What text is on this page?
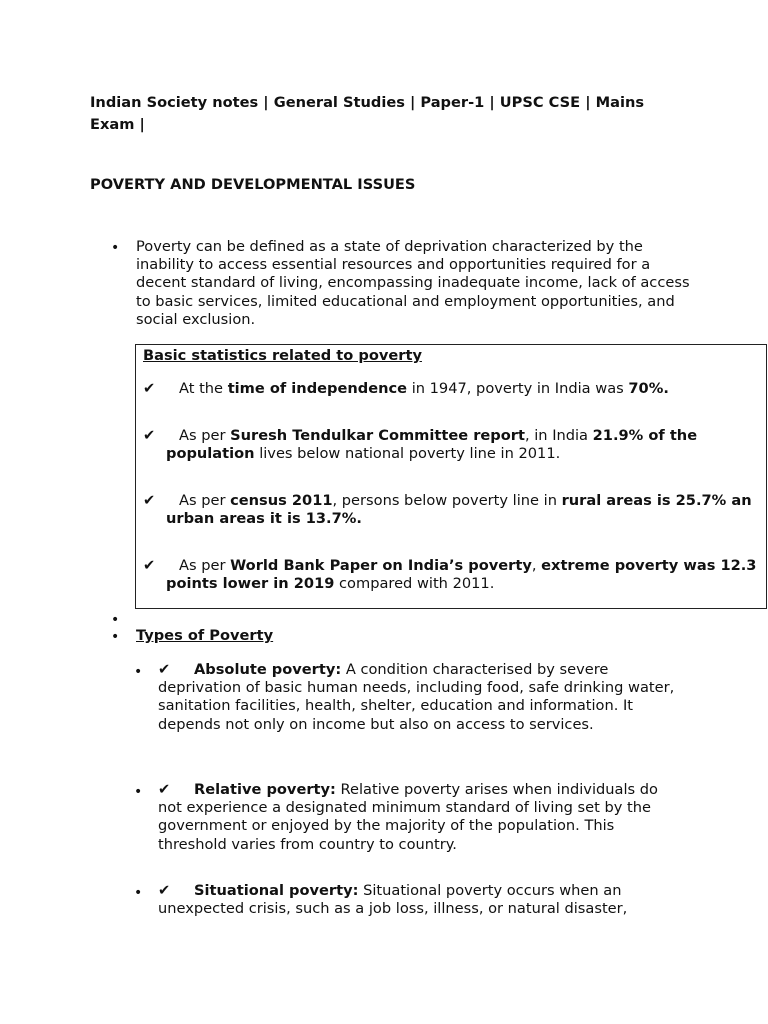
Indian Society notes | General Studies | Paper-1 | UPSC CSE | Mains Exam |
POVERTY AND DEVELOPMENTAL ISSUES
• Poverty can be defined as a state of deprivation characterized by the inability to access essential resources and opportunities required for a decent standard of living, encompassing inadequate income, lack of access to basic services, limited educational and employment opportunities, and social exclusion.
Basic statistics related to poverty
✔ At the time of independence in 1947, poverty in India was 70%.
✔ As per Suresh Tendulkar Committee report, in India 21.9% of the
population lives below national poverty line in 2011.
✔ As per census 2011, persons below poverty line in rural areas is 25.7% an
urban areas it is 13.7%.
✔ As per World Bank Paper on India’s poverty, extreme poverty was 12.3
points lower in 2019 compared with 2011.
•
• Types of Poverty
• ✔ Absolute poverty: A condition characterised by severe deprivation of basic human needs, including food, safe drinking water, sanitation facilities, health, shelter, education and information. It depends not only on income but also on access to services.
• ✔ Relative poverty: Relative poverty arises when individuals do not experience a designated minimum standard of living set by the government or enjoyed by the majority of the population. This threshold varies from country to country.
• ✔ Situational poverty: Situational poverty occurs when an unexpected crisis, such as a job loss, illness, or natural disaster,
